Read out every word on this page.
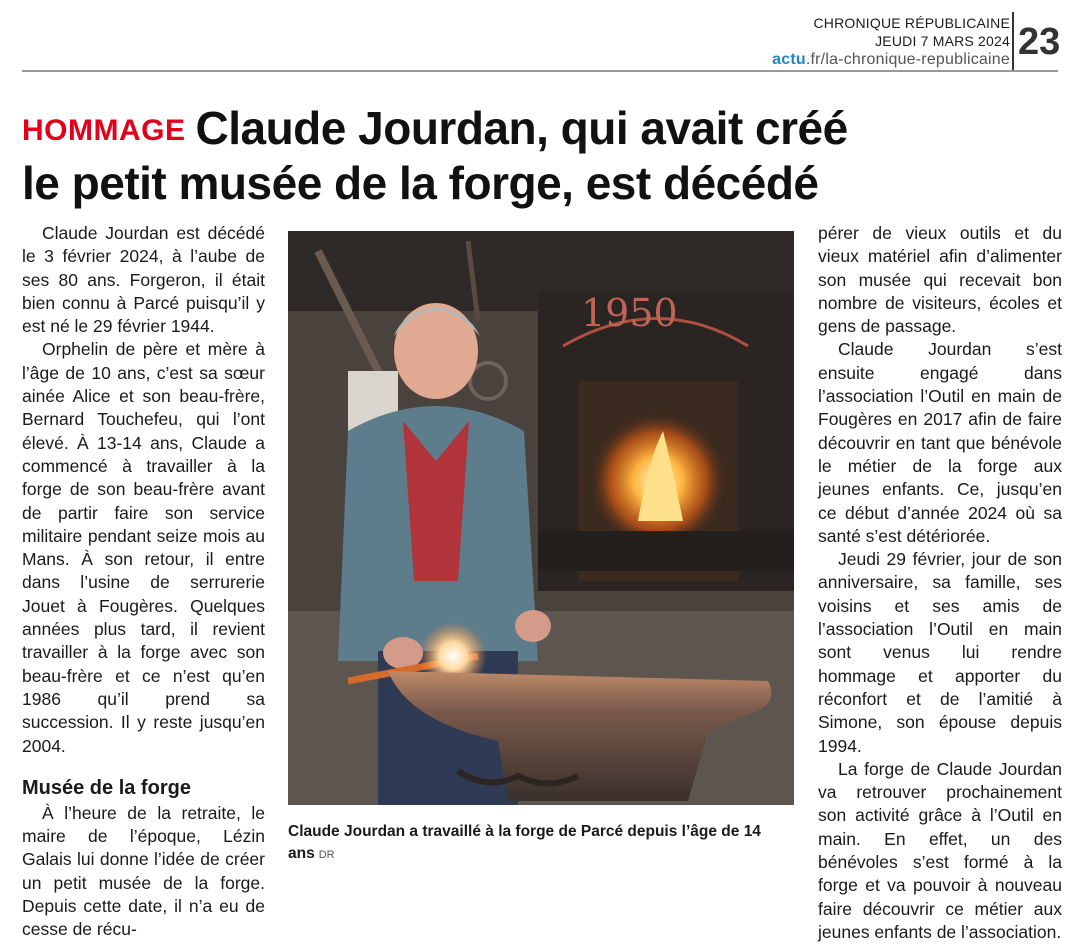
CHRONIQUE RÉPUBLICAINE
JEUDI 7 MARS 2024
actu.fr/la-chronique-republicaine 23
HOMMAGE Claude Jourdan, qui avait créé
le petit musée de la forge, est décédé

Claude Jourdan est décédé le 3 février 2024, à l’aube de ses 80 ans. Forgeron, il était bien connu à Parcé puisqu’il y est né le 29 février 1944.

Orphelin de père et mère à l’âge de 10 ans, c’est sa sœur ainée Alice et son beau-frère, Bernard Touchefeu, qui l’ont élevé. À 13-14 ans, Claude a commencé à travailler à la forge de son beau-frère avant de partir faire son service militaire pendant seize mois au Mans. À son retour, il entre dans l’usine de serrurerie Jouet à Fougères. Quelques années plus tard, il revient travailler à la forge avec son beau-frère et ce n’est qu’en 1986 qu’il prend sa succession. Il y reste jusqu’en 2004.

Musée de la forge

À l’heure de la retraite, le maire de l’époque, Lézin Galais lui donne l’idée de créer un petit musée de la forge. Depuis cette date, il n’a eu de cesse de récu-

1950
Claude Jourdan a travaillé à la forge de Parcé depuis l’âge de 14 ans DR

pérer de vieux outils et du vieux matériel afin d’alimenter son musée qui recevait bon nombre de visiteurs, écoles et gens de passage.

Claude Jourdan s’est ensuite engagé dans l’association l’Outil en main de Fougères en 2017 afin de faire découvrir en tant que bénévole le métier de la forge aux jeunes enfants. Ce, jusqu’en ce début d’année 2024 où sa santé s’est détériorée.

Jeudi 29 février, jour de son anniversaire, sa famille, ses voisins et ses amis de l’association l’Outil en main sont venus lui rendre hommage et apporter du réconfort et de l’amitié à Simone, son épouse depuis 1994.

La forge de Claude Jourdan va retrouver prochainement son activité grâce à l’Outil en main. En effet, un des bénévoles s’est formé à la forge et va pouvoir à nouveau faire découvrir ce métier aux jeunes enfants de l’association.
